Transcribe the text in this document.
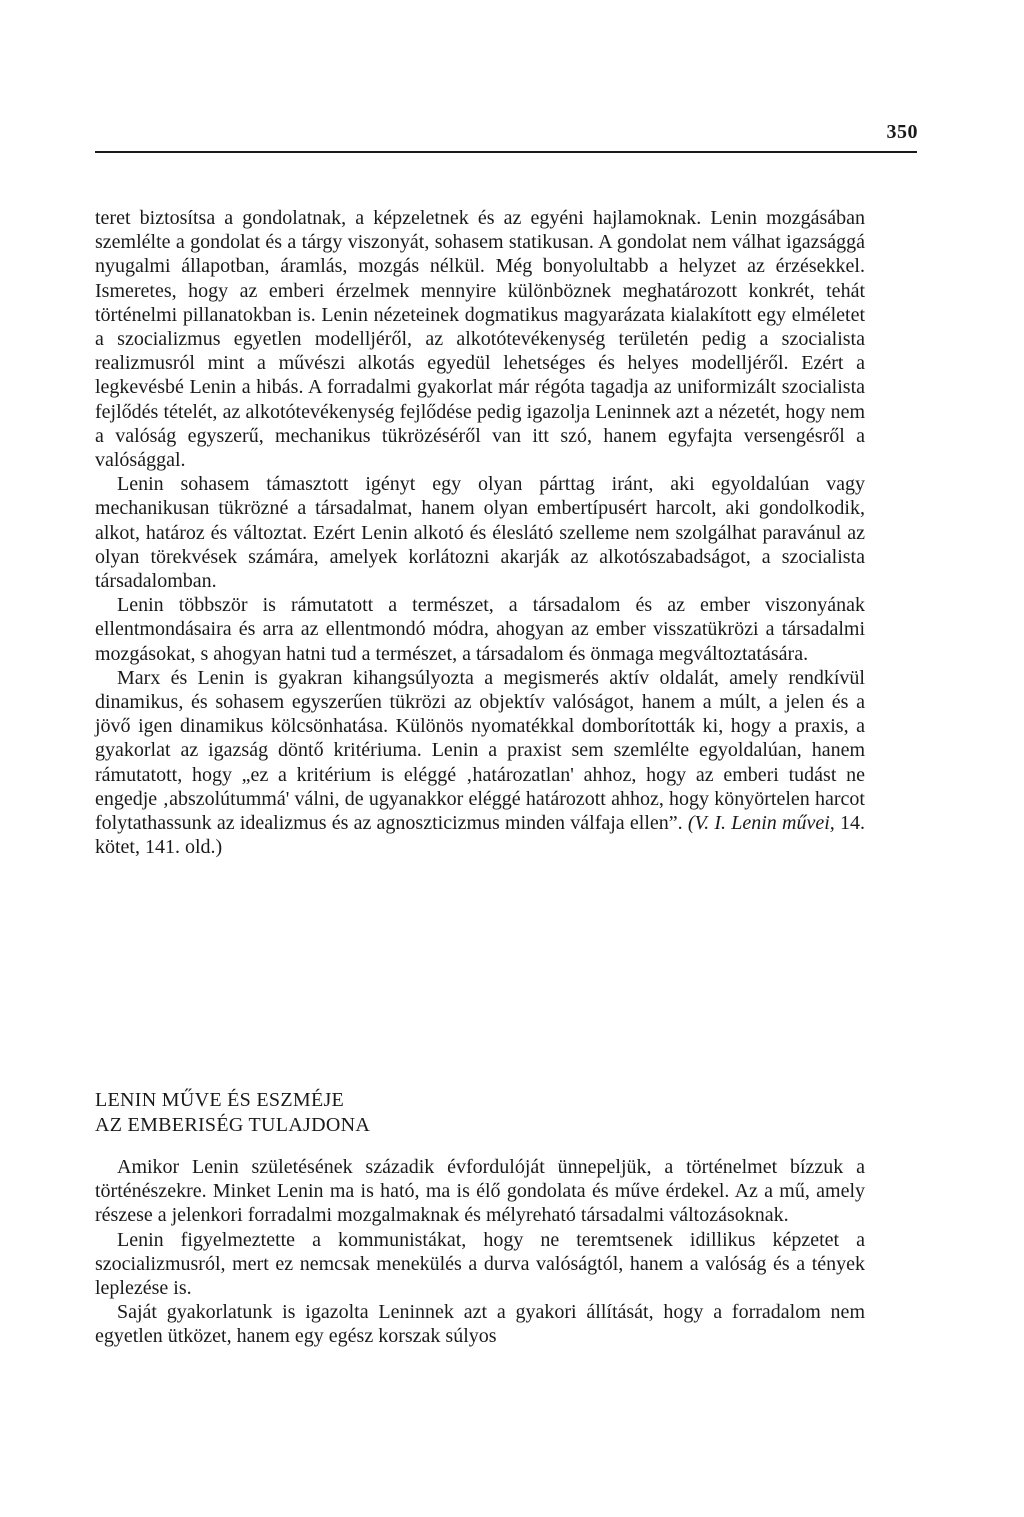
350

teret biztosítsa a gondolatnak, a képzeletnek és az egyéni hajlamoknak. Lenin mozgásában szemlélte a gondolat és a tárgy viszonyát, sohasem statikusan. A gondolat nem válhat igazsággá nyugalmi állapotban, áramlás, mozgás nélkül. Még bonyolultabb a helyzet az érzésekkel. Ismeretes, hogy az emberi érzelmek mennyire különböznek meghatározott konkrét, tehát történelmi pillanatokban is. Lenin nézeteinek dogmatikus magyarázata kialakított egy elméletet a szocializmus egyetlen modelljéről, az alkotótevékenység területén pedig a szocialista realizmusról mint a művészi alkotás egyedül lehetséges és helyes modelljéről. Ezért a legkevésbé Lenin a hibás. A forradalmi gyakorlat már régóta tagadja az uniformizált szocialista fejlődés tételét, az alkotótevékenység fejlődése pedig igazolja Leninnek azt a nézetét, hogy nem a valóság egyszerű, mechanikus tükrözéséről van itt szó, hanem egyfajta versengésről a valósággal.

Lenin sohasem támasztott igényt egy olyan párttag iránt, aki egyoldalúan vagy mechanikusan tükrözné a társadalmat, hanem olyan embertípusért harcolt, aki gondolkodik, alkot, határoz és változtat. Ezért Lenin alkotó és éleslátó szelleme nem szolgálhat paravánul az olyan törekvések számára, amelyek korlátozni akarják az alkotószabadságot, a szocialista társadalomban.

Lenin többször is rámutatott a természet, a társadalom és az ember viszonyának ellentmondásaira és arra az ellentmondó módra, ahogyan az ember visszatükrözi a társadalmi mozgásokat, s ahogyan hatni tud a természet, a társadalom és önmaga megváltoztatására.

Marx és Lenin is gyakran kihangsúlyozta a megismerés aktív oldalát, amely rendkívül dinamikus, és sohasem egyszerűen tükrözi az objektív valóságot, hanem a múlt, a jelen és a jövő igen dinamikus kölcsönhatása. Különös nyomatékkal domborították ki, hogy a praxis, a gyakorlat az igazság döntő kritériuma. Lenin a praxist sem szemlélte egyoldalúan, hanem rámutatott, hogy „ez a kritérium is eléggé ‚határozatlan' ahhoz, hogy az emberi tudást ne engedje ‚abszolútummá' válni, de ugyanakkor eléggé határozott ahhoz, hogy könyörtelen harcot folytathassunk az idealizmus és az agnoszticizmus minden válfaja ellen”. (V. I. Lenin művei, 14. kötet, 141. old.)

LENIN MŰVE ÉS ESZMÉJE
AZ EMBERISÉG TULAJDONA

Amikor Lenin születésének századik évfordulóját ünnepeljük, a történelmet bízzuk a történészekre. Minket Lenin ma is ható, ma is élő gondolata és műve érdekel. Az a mű, amely részese a jelenkori forradalmi mozgalmaknak és mélyreható társadalmi változásoknak.

Lenin figyelmeztette a kommunistákat, hogy ne teremtsenek idillikus képzetet a szocializmusról, mert ez nemcsak menekülés a durva valóságtól, hanem a valóság és a tények leplezése is.

Saját gyakorlatunk is igazolta Leninnek azt a gyakori állítását, hogy a forradalom nem egyetlen ütközet, hanem egy egész korszak súlyos
